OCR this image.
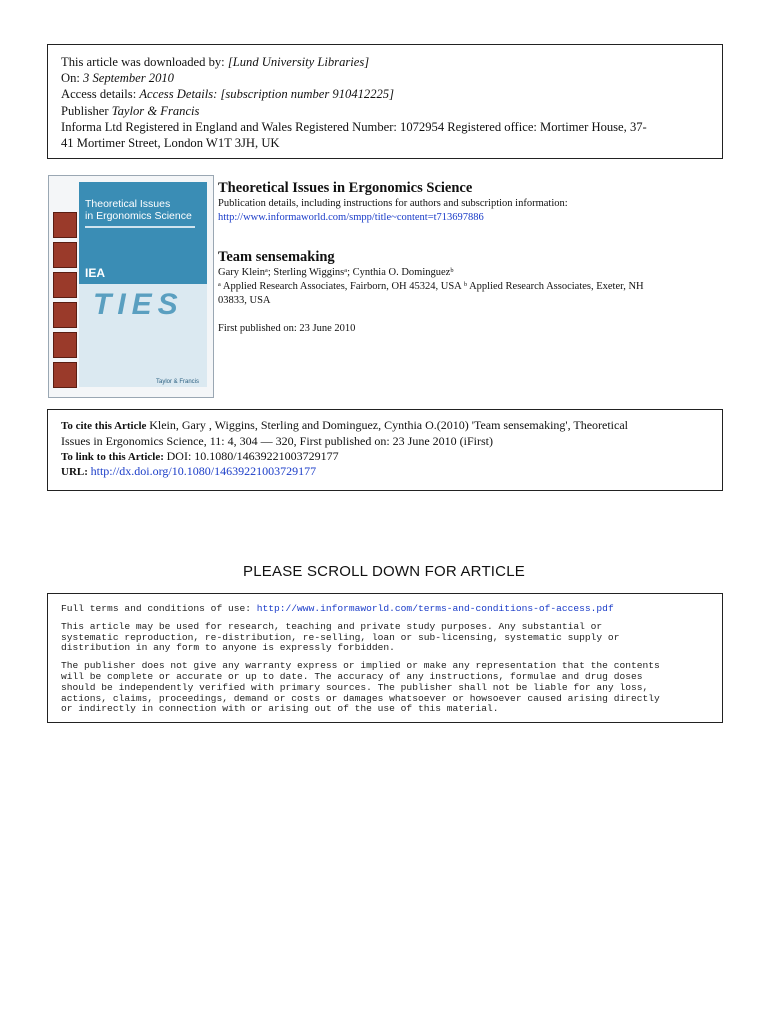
This article was downloaded by: [Lund University Libraries]
On: 3 September 2010
Access details: Access Details: [subscription number 910412225]
Publisher Taylor & Francis
Informa Ltd Registered in England and Wales Registered Number: 1072954 Registered office: Mortimer House, 37-
41 Mortimer Street, London W1T 3JH, UK
Theoretical Issues
in Ergonomics Science
IEA
TIES
Taylor & Francis
Theoretical Issues in Ergonomics Science
Publication details, including instructions for authors and subscription information:
http://www.informaworld.com/smpp/title~content=t713697886
Team sensemaking
Gary Kleinᵃ; Sterling Wigginsᵃ; Cynthia O. Dominguezᵇ
ᵃ Applied Research Associates, Fairborn, OH 45324, USA ᵇ Applied Research Associates, Exeter, NH
03833, USA
First published on: 23 June 2010
To cite this Article Klein, Gary , Wiggins, Sterling and Dominguez, Cynthia O.(2010) 'Team sensemaking', Theoretical
Issues in Ergonomics Science, 11: 4, 304 — 320, First published on: 23 June 2010 (iFirst)
To link to this Article: DOI: 10.1080/14639221003729177
URL: http://dx.doi.org/10.1080/14639221003729177
PLEASE SCROLL DOWN FOR ARTICLE

Full terms and conditions of use: http://www.informaworld.com/terms-and-conditions-of-access.pdf

This article may be used for research, teaching and private study purposes. Any substantial or
systematic reproduction, re-distribution, re-selling, loan or sub-licensing, systematic supply or
distribution in any form to anyone is expressly forbidden.

The publisher does not give any warranty express or implied or make any representation that the contents
will be complete or accurate or up to date. The accuracy of any instructions, formulae and drug doses
should be independently verified with primary sources. The publisher shall not be liable for any loss,
actions, claims, proceedings, demand or costs or damages whatsoever or howsoever caused arising directly
or indirectly in connection with or arising out of the use of this material.
